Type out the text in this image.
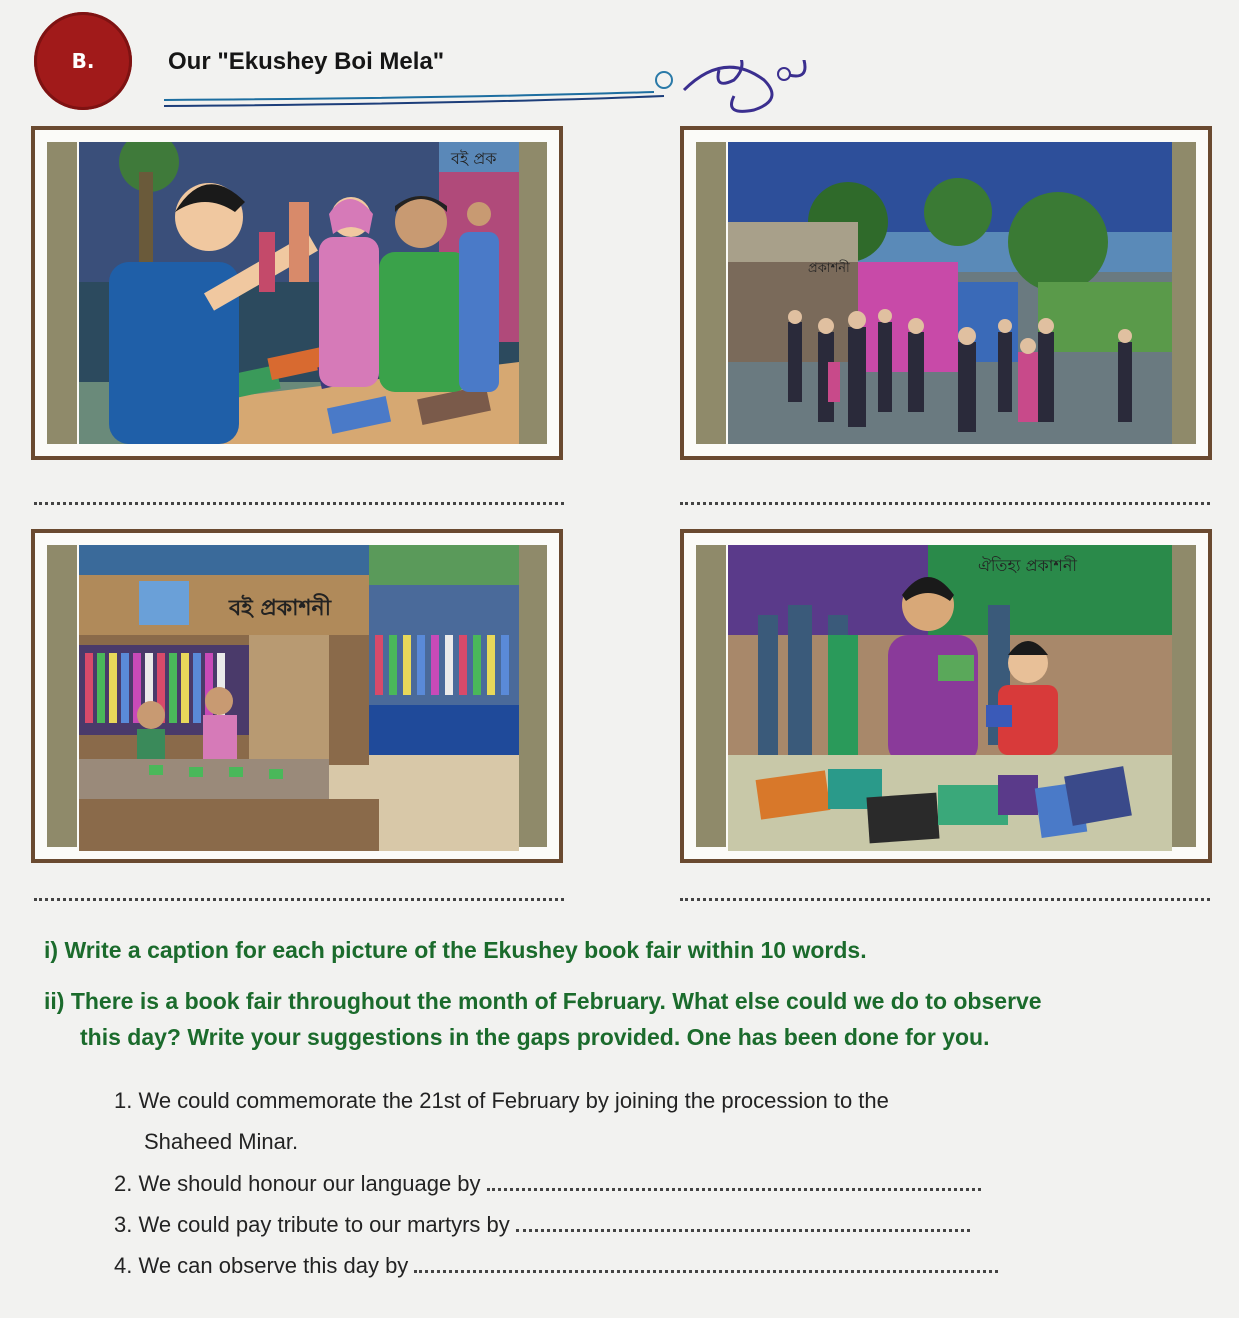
B.	Our "Ekushey Boi Mela"
বই প্রক
প্রকাশনী
বই প্রকাশনী
ঐতিহ্য প্রকাশনী
i) Write a caption for each picture of the Ekushey book fair within 10 words.
ii) There is a book fair throughout the month of February. What else could we do to observe
this day? Write your suggestions in the gaps provided. One has been done for you.
1. We could commemorate the 21st of February by joining the procession to the
Shaheed Minar.
2. We should honour our language by
3. We could pay tribute to our martyrs by
4. We can observe this day by
